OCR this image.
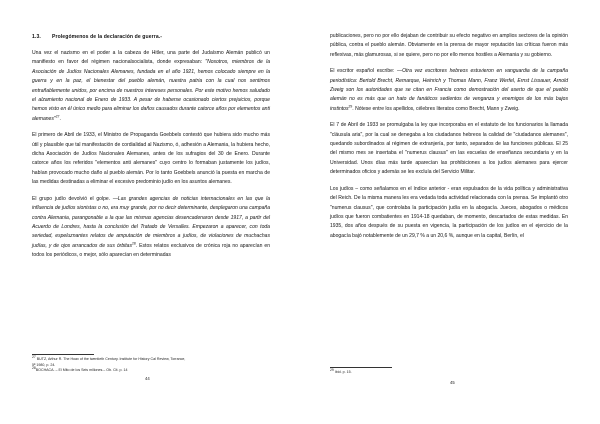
1.3. Prolegómenos de la declaración de guerra.-

Una vez el nazismo en el poder a la cabeza de Hitler, una parte del Judaísmo Alemán publicó un manifiesto en favor del régimen nacionalsocialista, donde expresaban: "Nosotros, miembros de la Asociación de Judíos Nacionales Alemanes, fundada en el año 1921, hemos colocado siempre en la guerra y en la paz, el bienestar del pueblo alemán, nuestra patria con la cual nos sentimos entrañablemente unidos, por encima de nuestros intereses personales. Por este motivo hemos saludado el alzamiento nacional de Enero de 1933. A pesar de haberse ocasionado ciertos prejuicios, porque hemos visto en él único medio para eliminar los daños causados durante catorce años por elementos anti alemanes"$^{27}$.

El primero de Abril de 1933, el Ministro de Propaganda Goebbels contestó que hubiera sido mucho más útil y plausible que tal manifestación de cordialidad al Nazismo, ó, adhesión a Alemania, la hubiera hecho, dicha Asociación de Judíos Nacionales Alemanes, antes de los sufragios del 30 de Enero. Durante catorce años los referidos "elementos anti alemanes" cuyo centro lo formaban justamente los judíos, habían provocado mucho daño al pueblo alemán. Por lo tanto Goebbels anunció la puesta en marcha de las medidas destinadas a eliminar el excesivo predominio judío en los asuntos alemanes.

El grupo judío devolvió el golpe. —Las grandes agencias de noticias internacionales en las que la influencia de judíos sionistas o no, era muy grande, por no decir determinante, desplegaron una campaña contra Alemania, parangonable a la que las mismas agencias desencadenaron desde 1917, a partir del Acuerdo de Londres, hasta la conclusión del Tratado de Versalles. Empezaron a aparecer, con toda seriedad, espeluznantes relatos de amputación de miembros a judíos, de violaciones de muchachas judías, y de ojos arrancados de sus órbitas$^{28}$. Estos relatos exclusivos de crónica roja no aparecían en todos los periódicos, o mejor, sólo aparecían en determinadas

$^{27}$ BUTZ, Arthur R. The Hoax of the twentieth Century. Institute for History Cal Review, Torrance,
5ª 1980, p. 24.
$^{28}$BOCHACA. – El Mito de los Seis millones.– Ob. Cit. p. 14
44

publicaciones, pero no por ello dejaban de contribuir su efecto negativo en amplios sectores de la opinión pública, contra el pueblo alemán. Obviamente en la prensa de mayor reputación las críticas fueron más reflexivas, más glamurosas, si se quiere, pero no por ello menos hostiles a Alemania y su gobierno.

El escritor español escribe: —Otra vez escritores hebreos estuvieron en vanguardia de la campaña periodística: Bertold Brecht, Remarque, Heinrich y Thomas Mann, Franz Werfel, Ernst Lissauer, Arnold Zweig son los autoridades que se citan en Francia como demostración del aserto de que el pueblo alemán no es más que un hato de fanáticos sedientos de venganza y enemigos de los más bajos instintos$^{29}$. Nótese entre los apellidos, célebres literatos como Brecht, Mann y Zweig.

El 7 de Abril de 1933 se promulgaba la ley que incorporaba en el estatuto de los funcionarios la llamada "cláusula aria", por la cual se denegaba a los ciudadanos hebreos la calidad de "ciudadanos alemanes", quedando subordinados al régimen de extranjería, por tanto, separados de las funciones públicas. El 25 del mismo mes se insertaba el "numerus clausus" en las escuelas de enseñanza secundaria y en la Universidad. Unos días más tarde aparecían las prohibiciones a los judíos alemanes para ejercer determinados oficios y además se les excluía del Servicio Militar.

Los judíos – como señalamos en el índice anterior - eran expulsados de la vida política y administrativa del Reich. De la misma manera les era vedada toda actividad relacionada con la prensa. Se implantó otro "numerus clausus", que controlaba la participación judía en la abogacía. Jueces, abogados o médicos judíos que fueron combatientes en 1914-18 quedaban, de momento, descartados de estas medidas. En 1935, dos años después de su puesta en vigencia, la participación de los judíos en el ejercicio de la abogacía bajó notablemente de un 29,7 % a un 20,6 %, aunque en la capital, Berlín, el

$^{29}$ Ibid. p. 15.
45
